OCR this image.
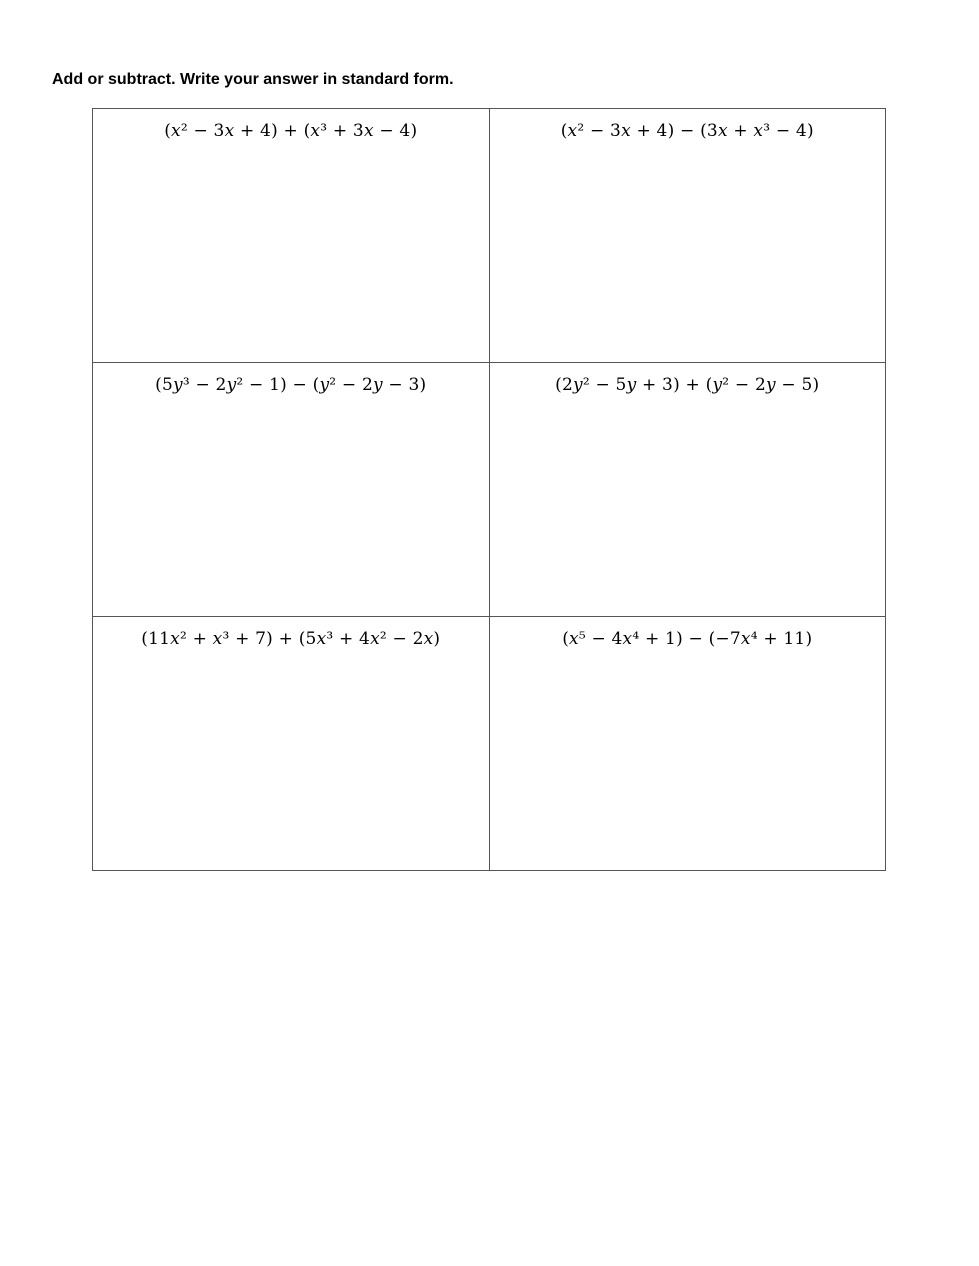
Add or subtract. Write your answer in standard form.

(x² − 3x + 4) + (x³ + 3x − 4)	(x² − 3x + 4) − (3x + x³ − 4)

(5y³ − 2y² − 1) − (y² − 2y − 3)	(2y² − 5y + 3) + (y² − 2y − 5)

(11x² + x³ + 7) + (5x³ + 4x² − 2x)	(x⁵ − 4x⁴ + 1) − (−7x⁴ + 11)
